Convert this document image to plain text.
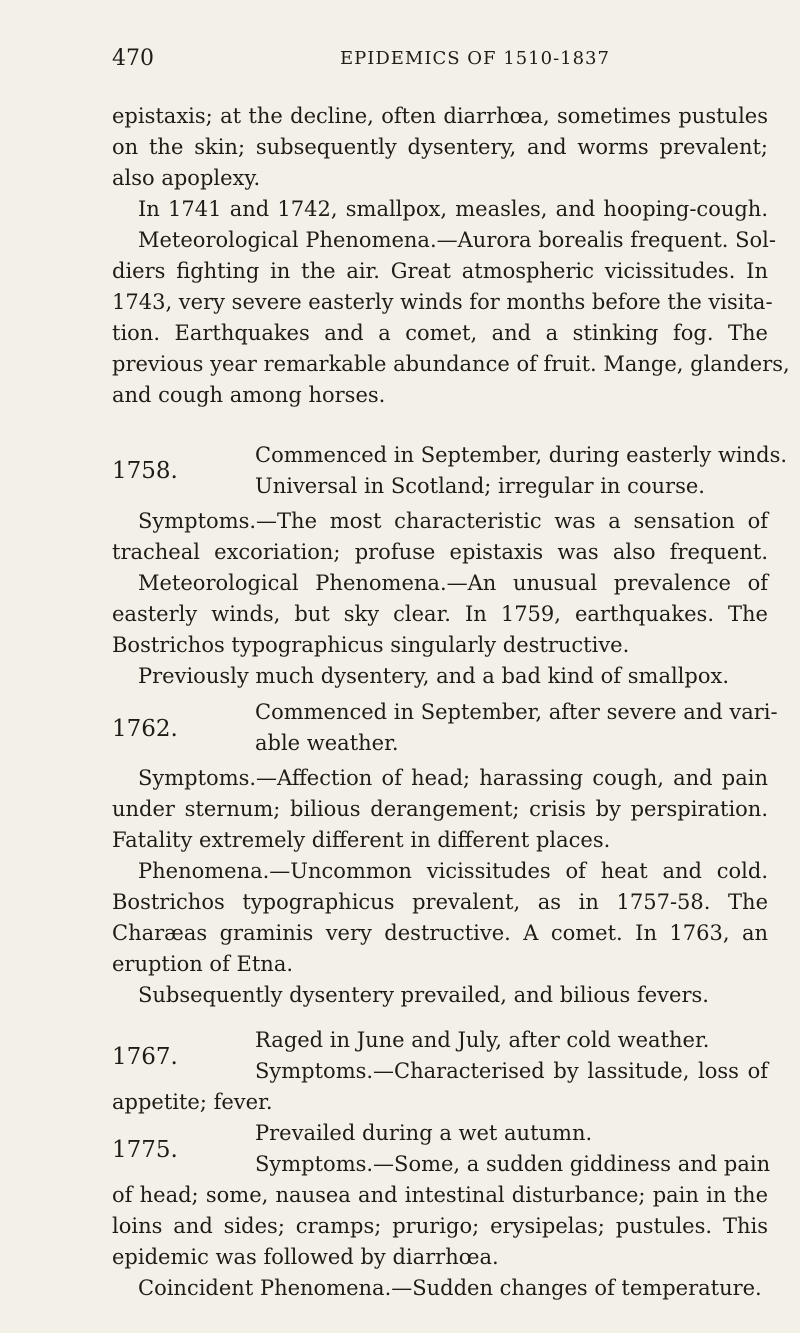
470	EPIDEMICS OF 1510-1837
epistaxis; at the decline, often diarrhœa, sometimes pustules
on the skin; subsequently dysentery, and worms prevalent;
also apoplexy.
In 1741 and 1742, smallpox, measles, and hooping-cough.
Meteorological Phenomena.—Aurora borealis frequent. Sol-
diers fighting in the air. Great atmospheric vicissitudes. In
1743, very severe easterly winds for months before the visita-
tion. Earthquakes and a comet, and a stinking fog. The
previous year remarkable abundance of fruit. Mange, glanders,
and cough among horses.
1758.
Commenced in September, during easterly winds.
Universal in Scotland; irregular in course.
Symptoms.—The most characteristic was a sensation of
tracheal excoriation; profuse epistaxis was also frequent.
Meteorological Phenomena.—An unusual prevalence of
easterly winds, but sky clear. In 1759, earthquakes. The
Bostrichos typographicus singularly destructive.
Previously much dysentery, and a bad kind of smallpox.
1762.
Commenced in September, after severe and vari-
able weather.
Symptoms.—Affection of head; harassing cough, and pain
under sternum; bilious derangement; crisis by perspiration.
Fatality extremely different in different places.
Phenomena.—Uncommon vicissitudes of heat and cold.
Bostrichos typographicus prevalent, as in 1757-58. The
Charæas graminis very destructive. A comet. In 1763, an
eruption of Etna.
Subsequently dysentery prevailed, and bilious fevers.
1767.
Raged in June and July, after cold weather.
Symptoms.—Characterised by lassitude, loss of
appetite; fever.
1775.
Prevailed during a wet autumn.
Symptoms.—Some, a sudden giddiness and pain
of head; some, nausea and intestinal disturbance; pain in the
loins and sides; cramps; prurigo; erysipelas; pustules. This
epidemic was followed by diarrhœa.
Coincident Phenomena.—Sudden changes of temperature.
